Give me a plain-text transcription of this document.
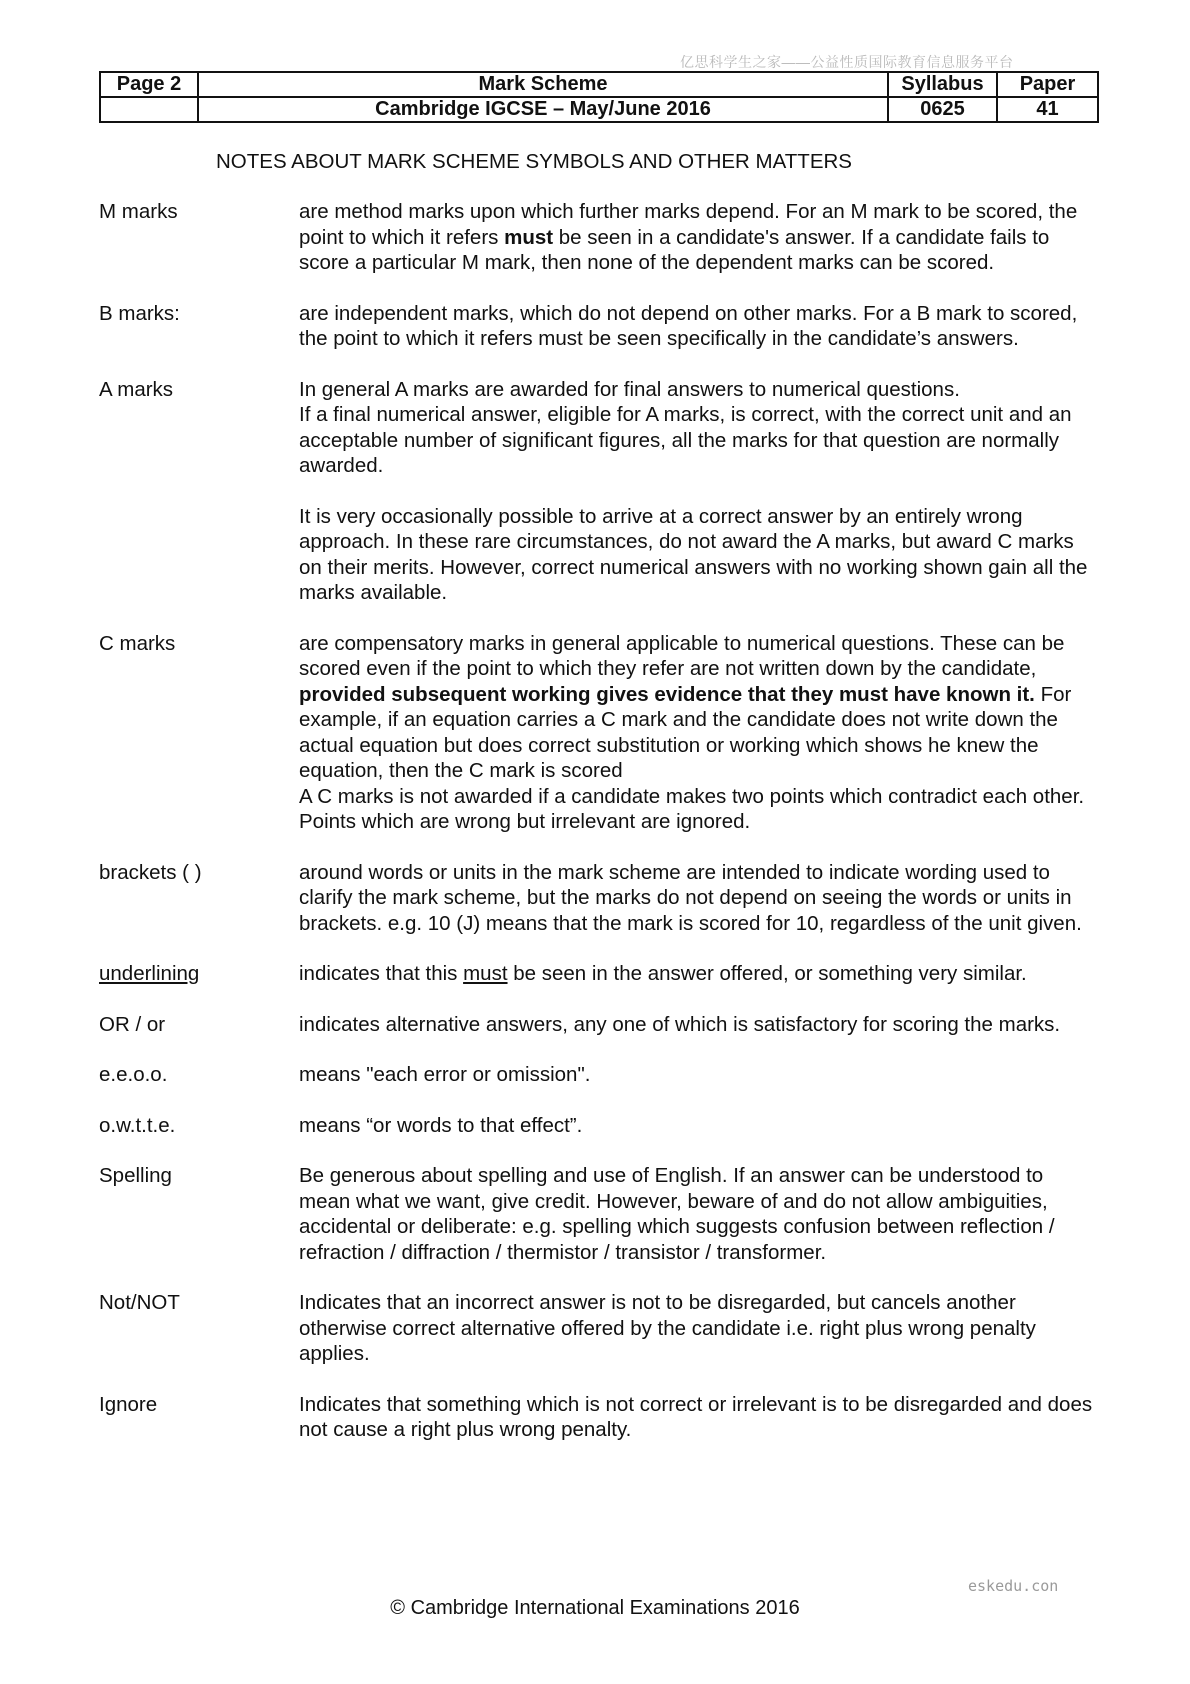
亿思科学生之家——公益性质国际教育信息服务平台
Page 2	Mark Scheme	Syllabus	Paper
	Cambridge IGCSE – May/June 2016	0625	41
NOTES ABOUT MARK SCHEME SYMBOLS AND OTHER MATTERS
M marks	are method marks upon which further marks depend. For an M mark to be scored, the point to which it refers must be seen in a candidate's answer. If a candidate fails to score a particular M mark, then none of the dependent marks can be scored.
B marks:	are independent marks, which do not depend on other marks. For a B mark to scored, the point to which it refers must be seen specifically in the candidate’s answers.
A marks	In general A marks are awarded for final answers to numerical questions.
If a final numerical answer, eligible for A marks, is correct, with the correct unit and an acceptable number of significant figures, all the marks for that question are normally awarded.

It is very occasionally possible to arrive at a correct answer by an entirely wrong approach. In these rare circumstances, do not award the A marks, but award C marks on their merits. However, correct numerical answers with no working shown gain all the marks available.

C marks	are compensatory marks in general applicable to numerical questions. These can be scored even if the point to which they refer are not written down by the candidate, provided subsequent working gives evidence that they must have known it. For example, if an equation carries a C mark and the candidate does not write down the actual equation but does correct substitution or working which shows he knew the equation, then the C mark is scored
A C marks is not awarded if a candidate makes two points which contradict each other. Points which are wrong but irrelevant are ignored.
brackets ( )	around words or units in the mark scheme are intended to indicate wording used to clarify the mark scheme, but the marks do not depend on seeing the words or units in brackets. e.g. 10 (J) means that the mark is scored for 10, regardless of the unit given.
underlining	indicates that this must be seen in the answer offered, or something very similar.
OR / or	indicates alternative answers, any one of which is satisfactory for scoring the marks.
e.e.o.o.	means "each error or omission".
o.w.t.t.e.	means “or words to that effect”.
Spelling	Be generous about spelling and use of English. If an answer can be understood to mean what we want, give credit. However, beware of and do not allow ambiguities, accidental or deliberate: e.g. spelling which suggests confusion between reflection / refraction / diffraction / thermistor / transistor / transformer.
Not/NOT	Indicates that an incorrect answer is not to be disregarded, but cancels another otherwise correct alternative offered by the candidate i.e. right plus wrong penalty applies.
Ignore	Indicates that something which is not correct or irrelevant is to be disregarded and does not cause a right plus wrong penalty.
eskedu.con
© Cambridge International Examinations 2016
